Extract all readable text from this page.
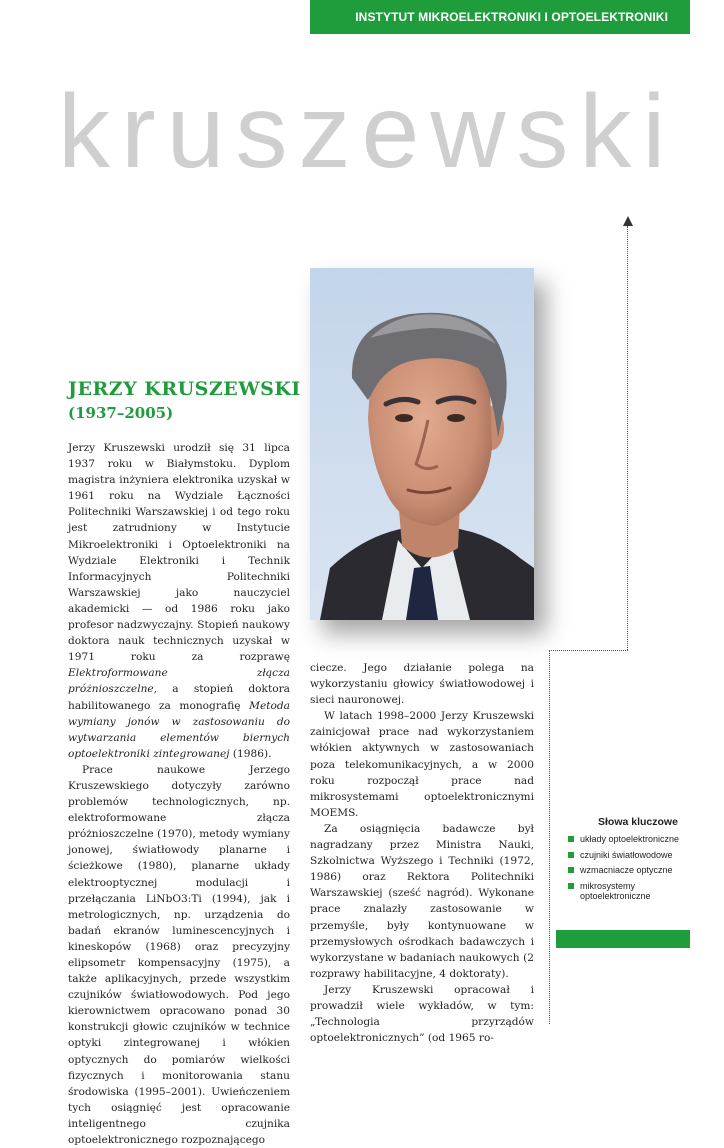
INSTYTUT MIKROELEKTRONIKI I OPTOELEKTRONIKI
kruszewski
JERZY KRUSZEWSKI
(1937–2005)

Jerzy Kruszewski urodził się 31 lipca 1937 roku w Białymstoku. Dyplom magistra inżyniera elektronika uzyskał w 1961 roku na Wydziale Łączności Politechniki Warszawskiej i od tego roku jest zatrudniony w Instytucie Mikroelektroniki i Optoelektroniki na Wydziale Elektroniki i Technik Informacyjnych Politechniki Warszawskiej jako nauczyciel akademicki — od 1986 roku jako profesor nadzwyczajny. Stopień naukowy doktora nauk technicznych uzyskał w 1971 roku za rozprawę Elektroformowane złącza próżnioszczelne, a stopień doktora habilitowanego za monografię Metoda wymiany jonów w zastosowaniu do wytwarzania elementów biernych optoelektroniki zintegrowanej (1986).

Prace naukowe Jerzego Kruszewskiego dotyczyły zarówno problemów technologicznych, np. elektroformowane złącza próżnioszczelne (1970), metody wymiany jonowej, światłowody planarne i ścieżkowe (1980), planarne układy elektrooptycznej modulacji i przełączania LiNbO3:Ti (1994), jak i metrologicznych, np. urządzenia do badań ekranów luminescencyjnych i kineskopów (1968) oraz precyzyjny elipsometr kompensacyjny (1975), a także aplikacyjnych, przede wszystkim czujników światłowodowych. Pod jego kierownictwem opracowano ponad 30 konstrukcji głowic czujników w technice optyki zintegrowanej i włókien optycznych do pomiarów wielkości fizycznych i monitorowania stanu środowiska (1995–2001). Uwieńczeniem tych osiągnięć jest opracowanie inteligentnego czujnika optoelektronicznego rozpoznającego

ciecze. Jego działanie polega na wykorzystaniu głowicy światłowodowej i sieci nauronowej.

W latach 1998–2000 Jerzy Kruszewski zainicjował prace nad wykorzystaniem włókien aktywnych w zastosowaniach poza telekomunikacyjnych, a w 2000 roku rozpoczął prace nad mikrosystemami optoelektronicznymi MOEMS.

Za osiągnięcia badawcze był nagradzany przez Ministra Nauki, Szkolnictwa Wyższego i Techniki (1972, 1986) oraz Rektora Politechniki Warszawskiej (sześć nagród). Wykonane prace znalazły zastosowanie w przemyśle, były kontynuowane w przemysłowych ośrodkach badawczych i wykorzystane w badaniach naukowych (2 rozprawy habilitacyjne, 4 doktoraty).

Jerzy Kruszewski opracował i prowadził wiele wykładów, w tym: „Technologia przyrządów optoelektronicznych” (od 1965 ro-

Słowa kluczowe
układy optoelektroniczne
czujniki światłowodowe
wzmacniacze optyczne
mikrosystemy optoelektroniczne
